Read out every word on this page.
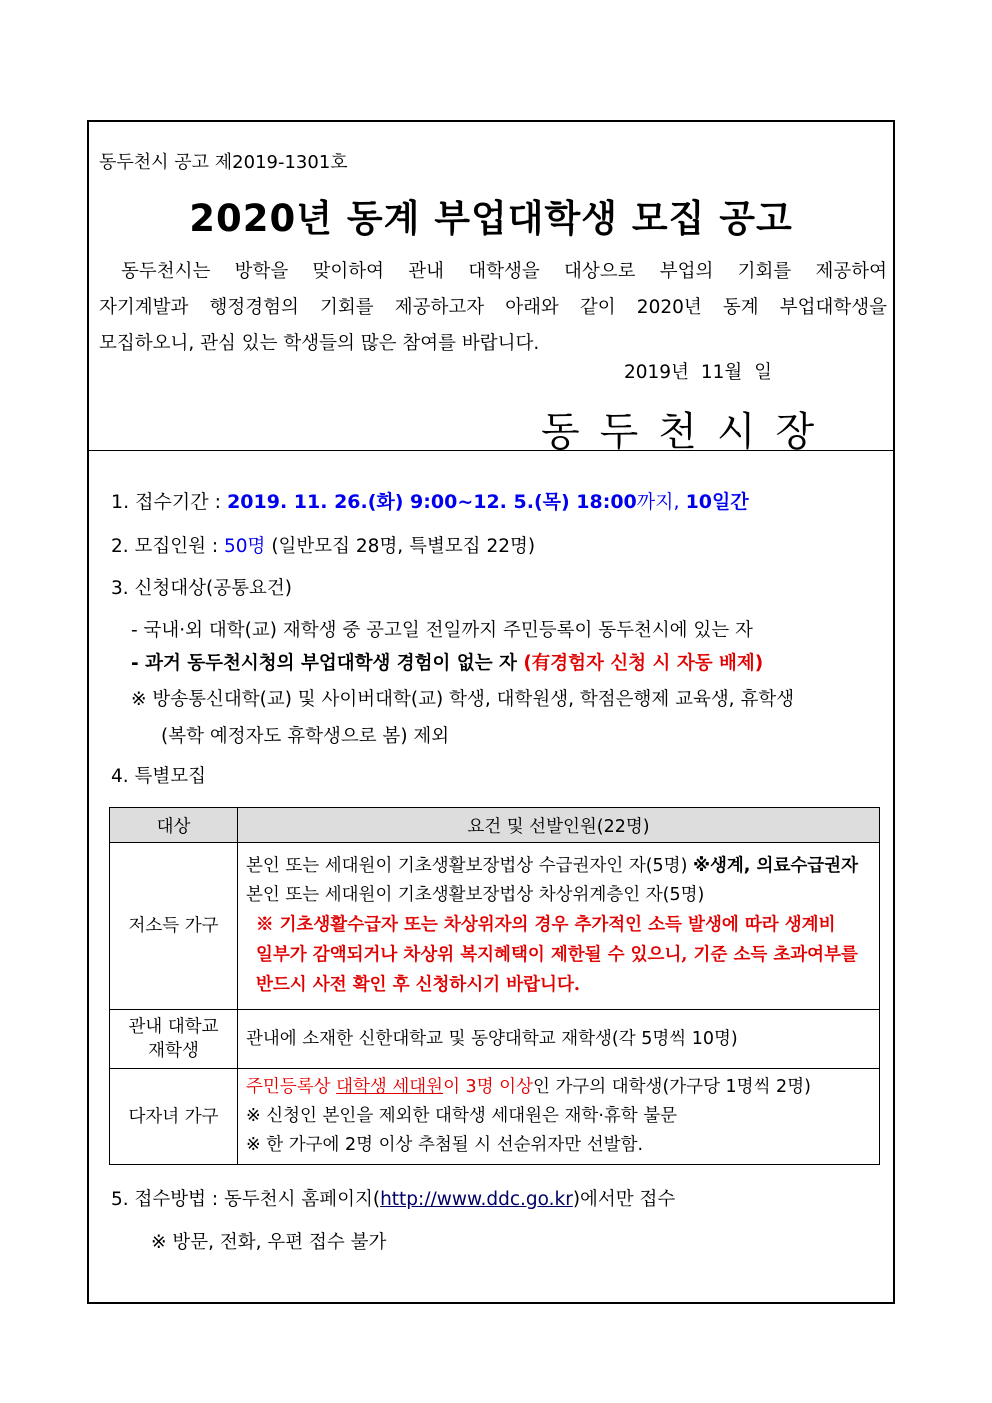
동두천시 공고 제2019-1301호
2020년 동계 부업대학생 모집 공고

동두천시는 방학을 맞이하여 관내 대학생을 대상으로 부업의 기회를 제공하여

자기계발과 행정경험의 기회를 제공하고자 아래와 같이 2020년 동계 부업대학생을

모집하오니, 관심 있는 학생들의 많은 참여를 바랍니다.

2019년 11월 일
동두천시장
1. 접수기간 : 2019. 11. 26.(화) 9:00~12. 5.(목) 18:00까지, 10일간
2. 모집인원 : 50명 (일반모집 28명, 특별모집 22명)
3. 신청대상(공통요건)
- 국내·외 대학(교) 재학생 중 공고일 전일까지 주민등록이 동두천시에 있는 자
- 과거 동두천시청의 부업대학생 경험이 없는 자 (有경험자 신청 시 자동 배제)
※ 방송통신대학(교) 및 사이버대학(교) 학생, 대학원생, 학점은행제 교육생, 휴학생
(복학 예정자도 휴학생으로 봄) 제외
4. 특별모집
대상	요건 및 선발인원(22명)
저소득 가구	본인 또는 세대원이 기초생활보장법상 수급권자인 자(5명) ※생계, 의료수급권자
본인 또는 세대원이 기초생활보장법상 차상위계층인 자(5명)
※ 기초생활수급자 또는 차상위자의 경우 추가적인 소득 발생에 따라 생계비
일부가 감액되거나 차상위 복지혜택이 제한될 수 있으니, 기준 소득 초과여부를
반드시 사전 확인 후 신청하시기 바랍니다.

관내 대학교
재학생	관내에 소재한 신한대학교 및 동양대학교 재학생(각 5명씩 10명)
다자녀 가구	주민등록상 대학생 세대원이 3명 이상인 가구의 대학생(가구당 1명씩 2명)
※ 신청인 본인을 제외한 대학생 세대원은 재학·휴학 불문
※ 한 가구에 2명 이상 추첨될 시 선순위자만 선발함.
5. 접수방법 : 동두천시 홈페이지(http://www.ddc.go.kr)에서만 접수
※ 방문, 전화, 우편 접수 불가
